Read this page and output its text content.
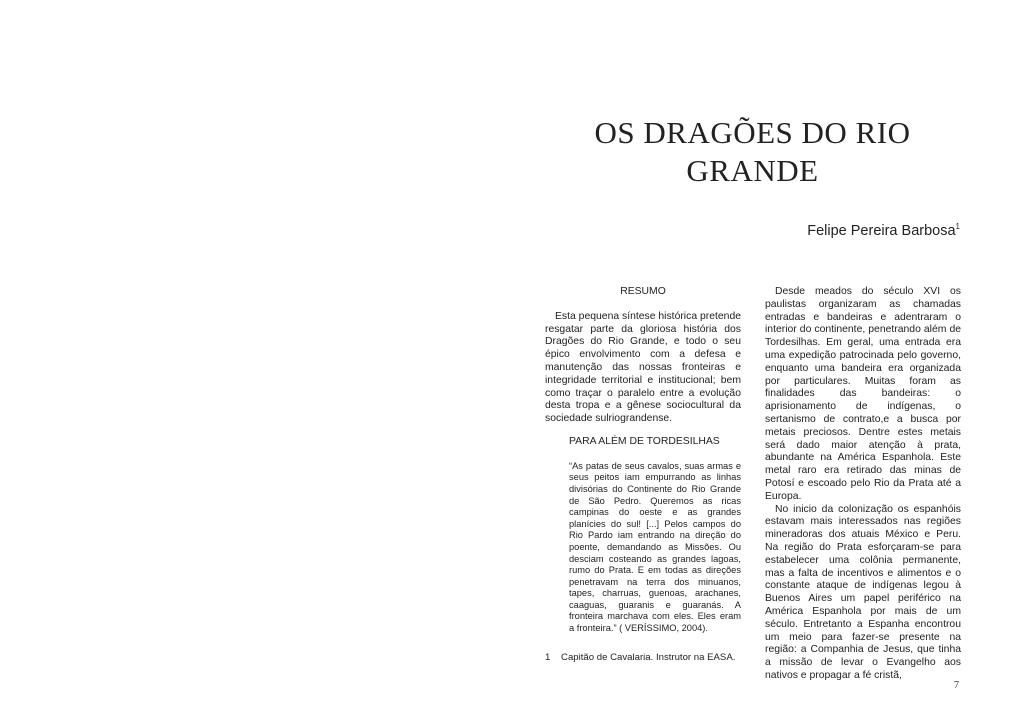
OS DRAGÕES DO RIO GRANDE
Felipe Pereira Barbosa$^1$

RESUMO

Esta pequena síntese histórica pretende resgatar parte da gloriosa história dos Dragões do Rio Grande, e todo o seu épico envolvimento com a defesa e manutenção das nossas fronteiras e integridade territorial e institucional; bem como traçar o paralelo entre a evolução desta tropa e a gênese sociocultural da sociedade sulriograndense.

PARA ALÉM DE TORDESILHAS

“As patas de seus cavalos, suas armas e seus peitos iam empurrando as linhas divisórias do Continente do Rio Grande de São Pedro. Queremos as ricas campinas do oeste e as grandes planícies do sul! [...] Pelos campos do Rio Pardo iam entrando na direção do poente, demandando as Missões. Ou desciam costeando as grandes lagoas, rumo do Prata. E em todas as direções penetravam na terra dos minuanos, tapes, charruas, guenoas, arachanes, caaguas, guaranis e guaranás. A fronteira marchava com eles. Eles eram a fronteira.” ( VERÍSSIMO, 2004).

Desde meados do século XVI os paulistas organizaram as chamadas entradas e bandeiras e adentraram o interior do continente, penetrando além de Tordesilhas. Em geral, uma entrada era uma expedição patrocinada pelo governo, enquanto uma bandeira era organizada por particulares. Muitas foram as finalidades das bandeiras: o aprisionamento de indígenas, o sertanismo de contrato,e a busca por metais preciosos. Dentre estes metais será dado maior atenção à prata, abundante na América Espanhola. Este metal raro era retirado das minas de Potosí e escoado pelo Rio da Prata até a Europa.

No inicio da colonização os espanhóis estavam mais interessados nas regiões mineradoras dos atuais México e Peru. Na região do Prata esforçaram-se para estabelecer uma colônia permanente, mas a falta de incentivos e alimentos e o constante ataque de indígenas legou à Buenos Aires um papel periférico na América Espanhola por mais de um século. Entretanto a Espanha encontrou um meio para fazer-se presente na região: a Companhia de Jesus, que tinha a missão de levar o Evangelho aos nativos e propagar a fé cristã,

1 Capitão de Cavalaria. Instrutor na EASA.
7
